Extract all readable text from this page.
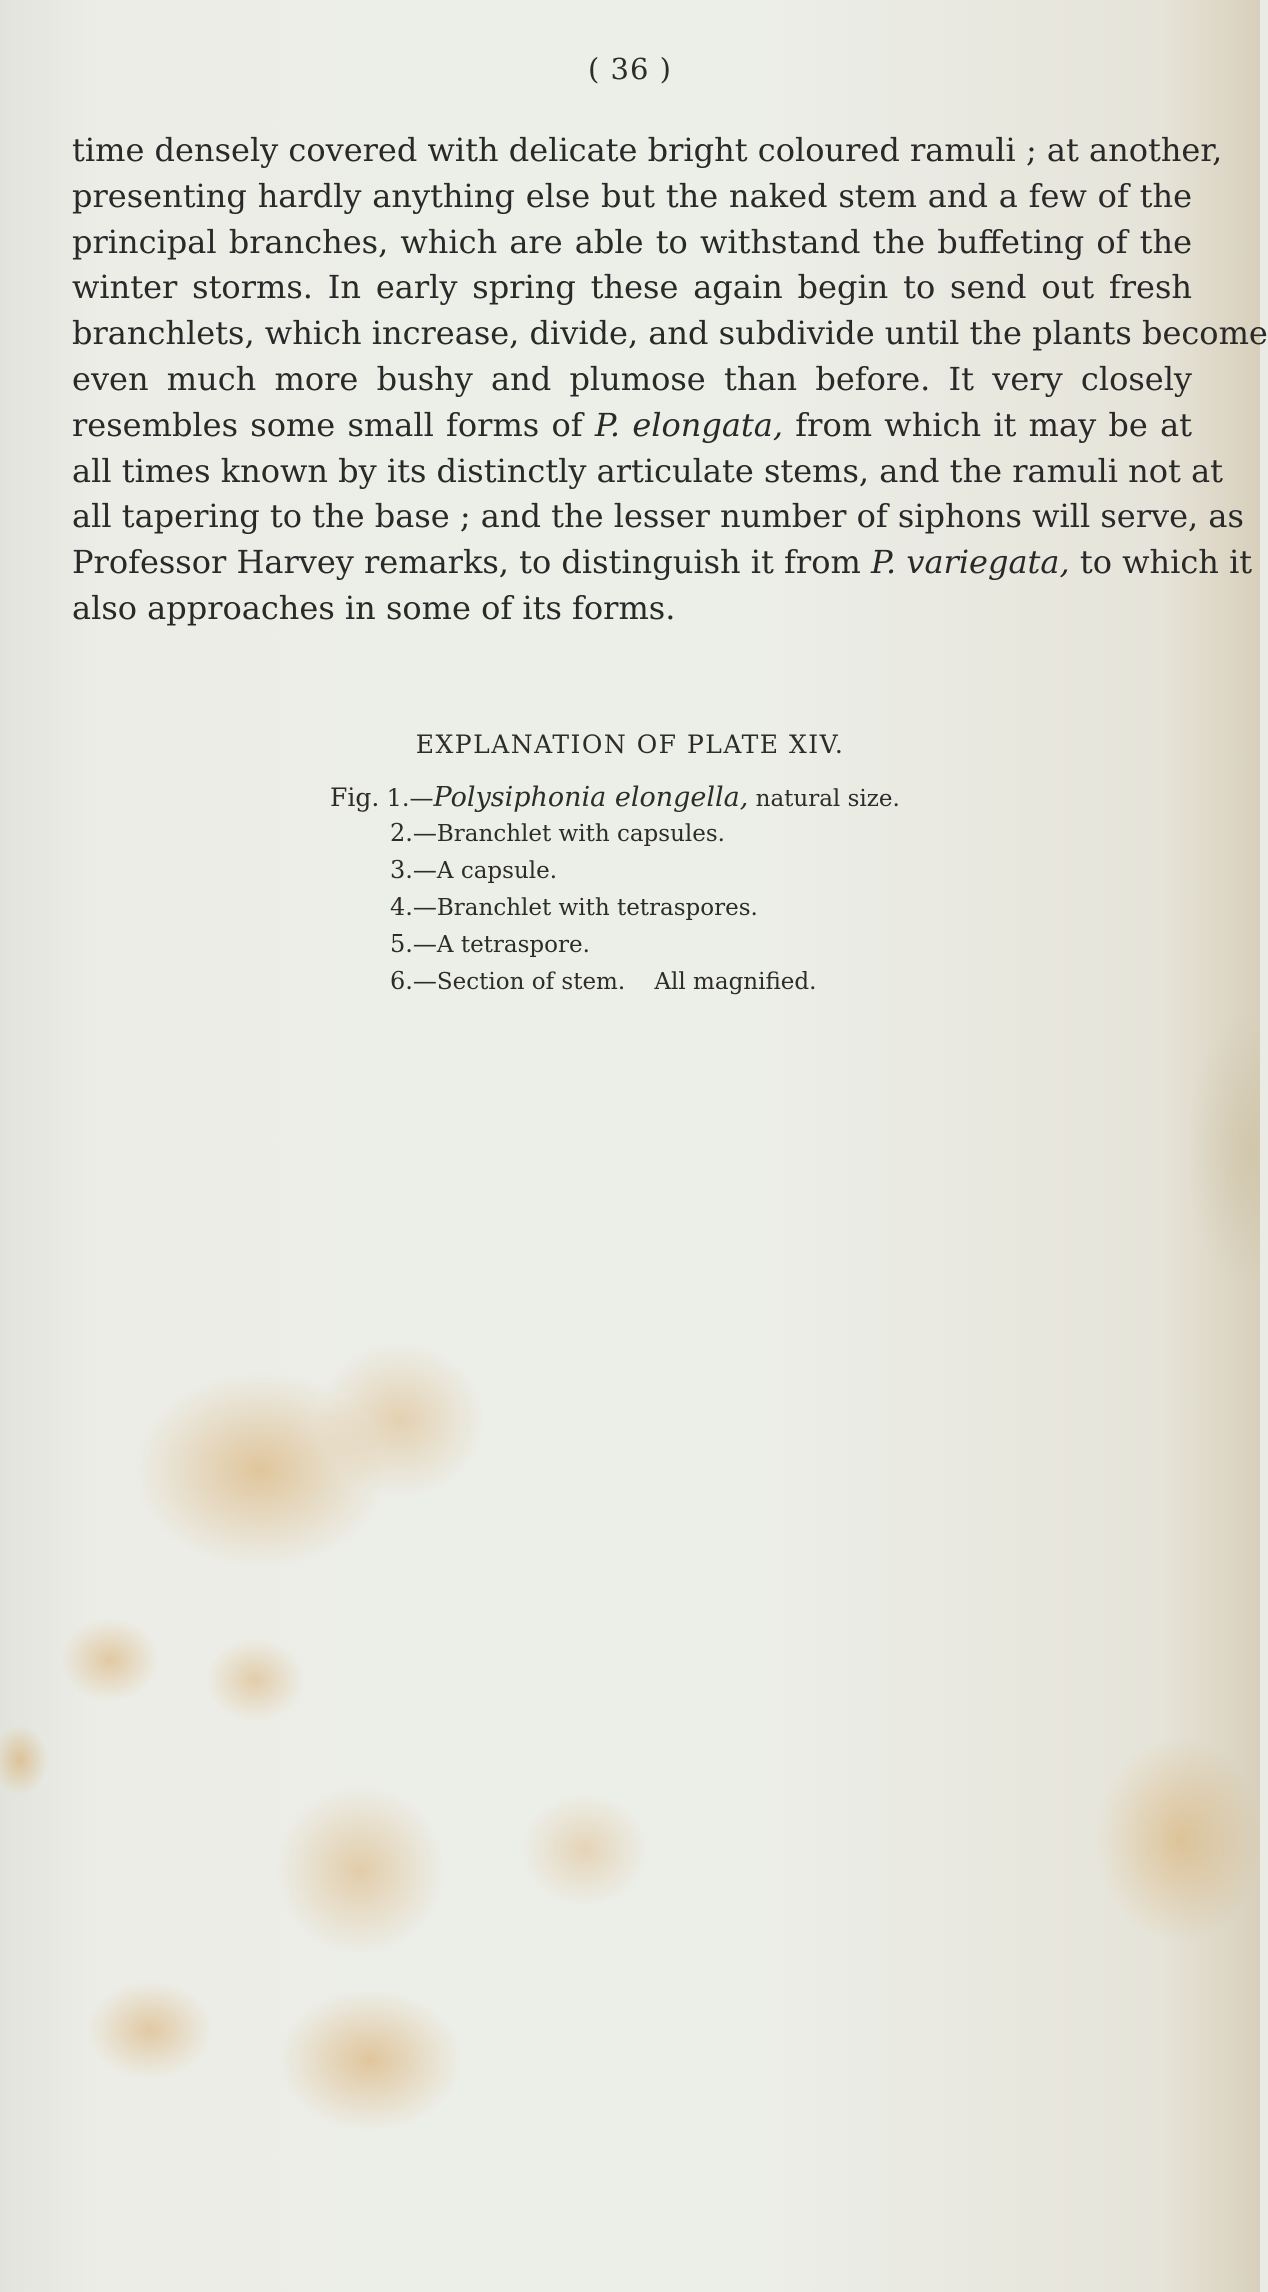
( 36 )
time densely covered with delicate bright coloured ramuli ; at another,
presenting hardly anything else but the naked stem and a few of the
principal branches, which are able to withstand the buffeting of the
winter storms. In early spring these again begin to send out fresh
branchlets, which increase, divide, and subdivide until the plants become
even much more bushy and plumose than before. It very closely
resembles some small forms of P. elongata, from which it may be at
all times known by its distinctly articulate stems, and the ramuli not at
all tapering to the base ; and the lesser number of siphons will serve, as
Professor Harvey remarks, to distinguish it from P. variegata, to which it
also approaches in some of its forms.
EXPLANATION OF PLATE XIV.
Fig. 1.—Polysiphonia elongella, natural size.
2.—Branchlet with capsules.
3.—A capsule.
4.—Branchlet with tetraspores.
5.—A tetraspore.
6.—Section of stem.    All magnified.
